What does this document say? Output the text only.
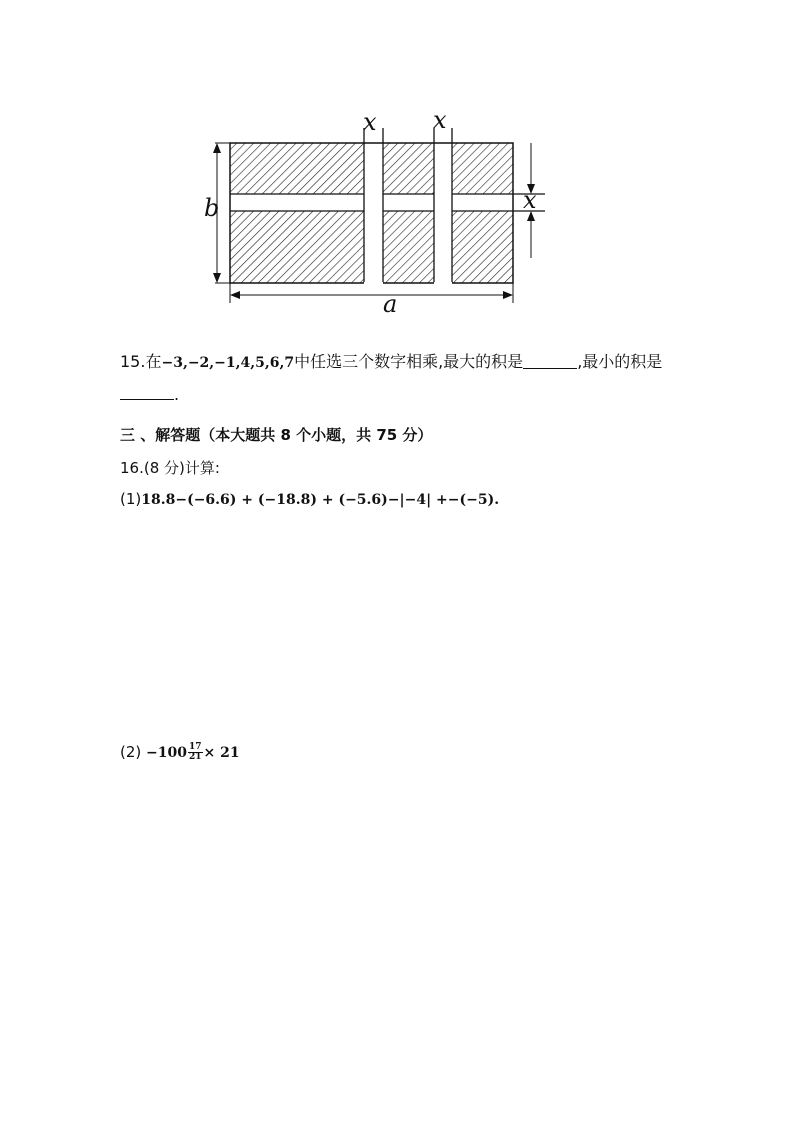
b
a
x x
x
15.在−3,−2,−1,4,5,6,7中任选三个数字相乘,最大的积是	,最小的积是
.
三 、解答题（本大题共 8 个小题，共 75 分）
16.(8 分)计算:
(1)18.8−(−6.6) + (−18.8) + (−5.6)−|−4| +−(−5).
$(2) -100 \frac{17}{21} \times 21$
